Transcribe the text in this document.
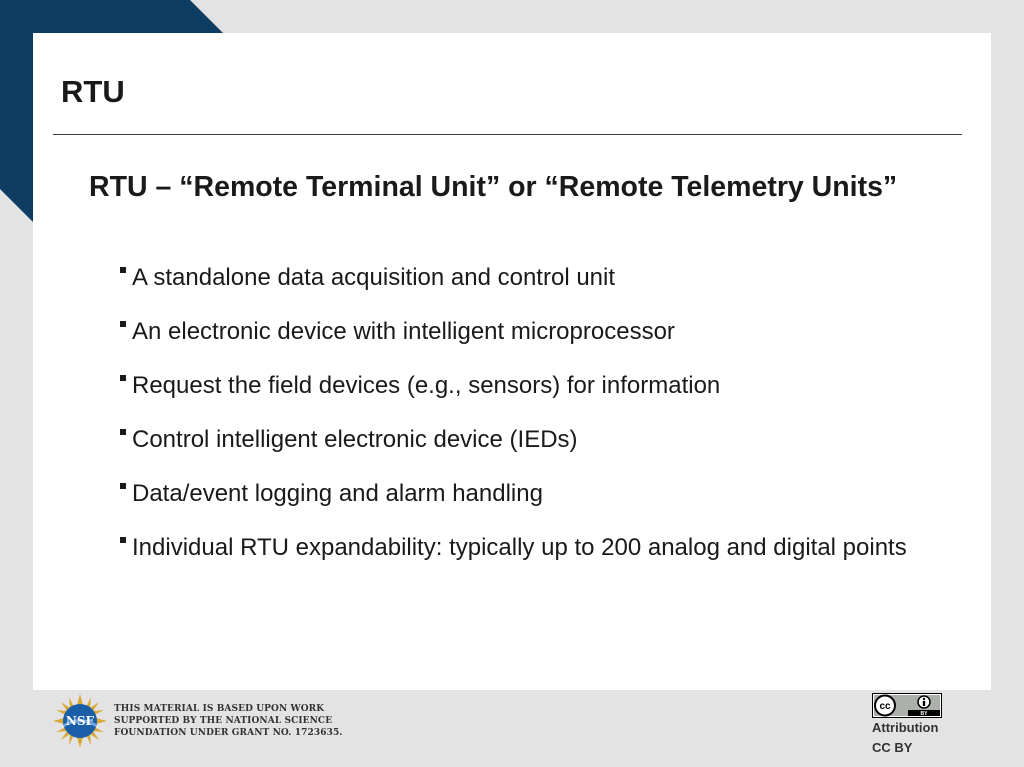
RTU
RTU – “Remote Terminal Unit” or “Remote Telemetry Units”
A standalone data acquisition and control unit
An electronic device with intelligent microprocessor
Request the field devices (e.g., sensors) for information
Control intelligent electronic device (IEDs)
Data/event logging and alarm handling
Individual RTU expandability: typically up to 200 analog and digital points
NSF
THIS MATERIAL IS BASED UPON WORK
SUPPORTED BY THE NATIONAL SCIENCE
FOUNDATION UNDER GRANT NO. 1723635.
cc
BY
Attribution
CC BY
